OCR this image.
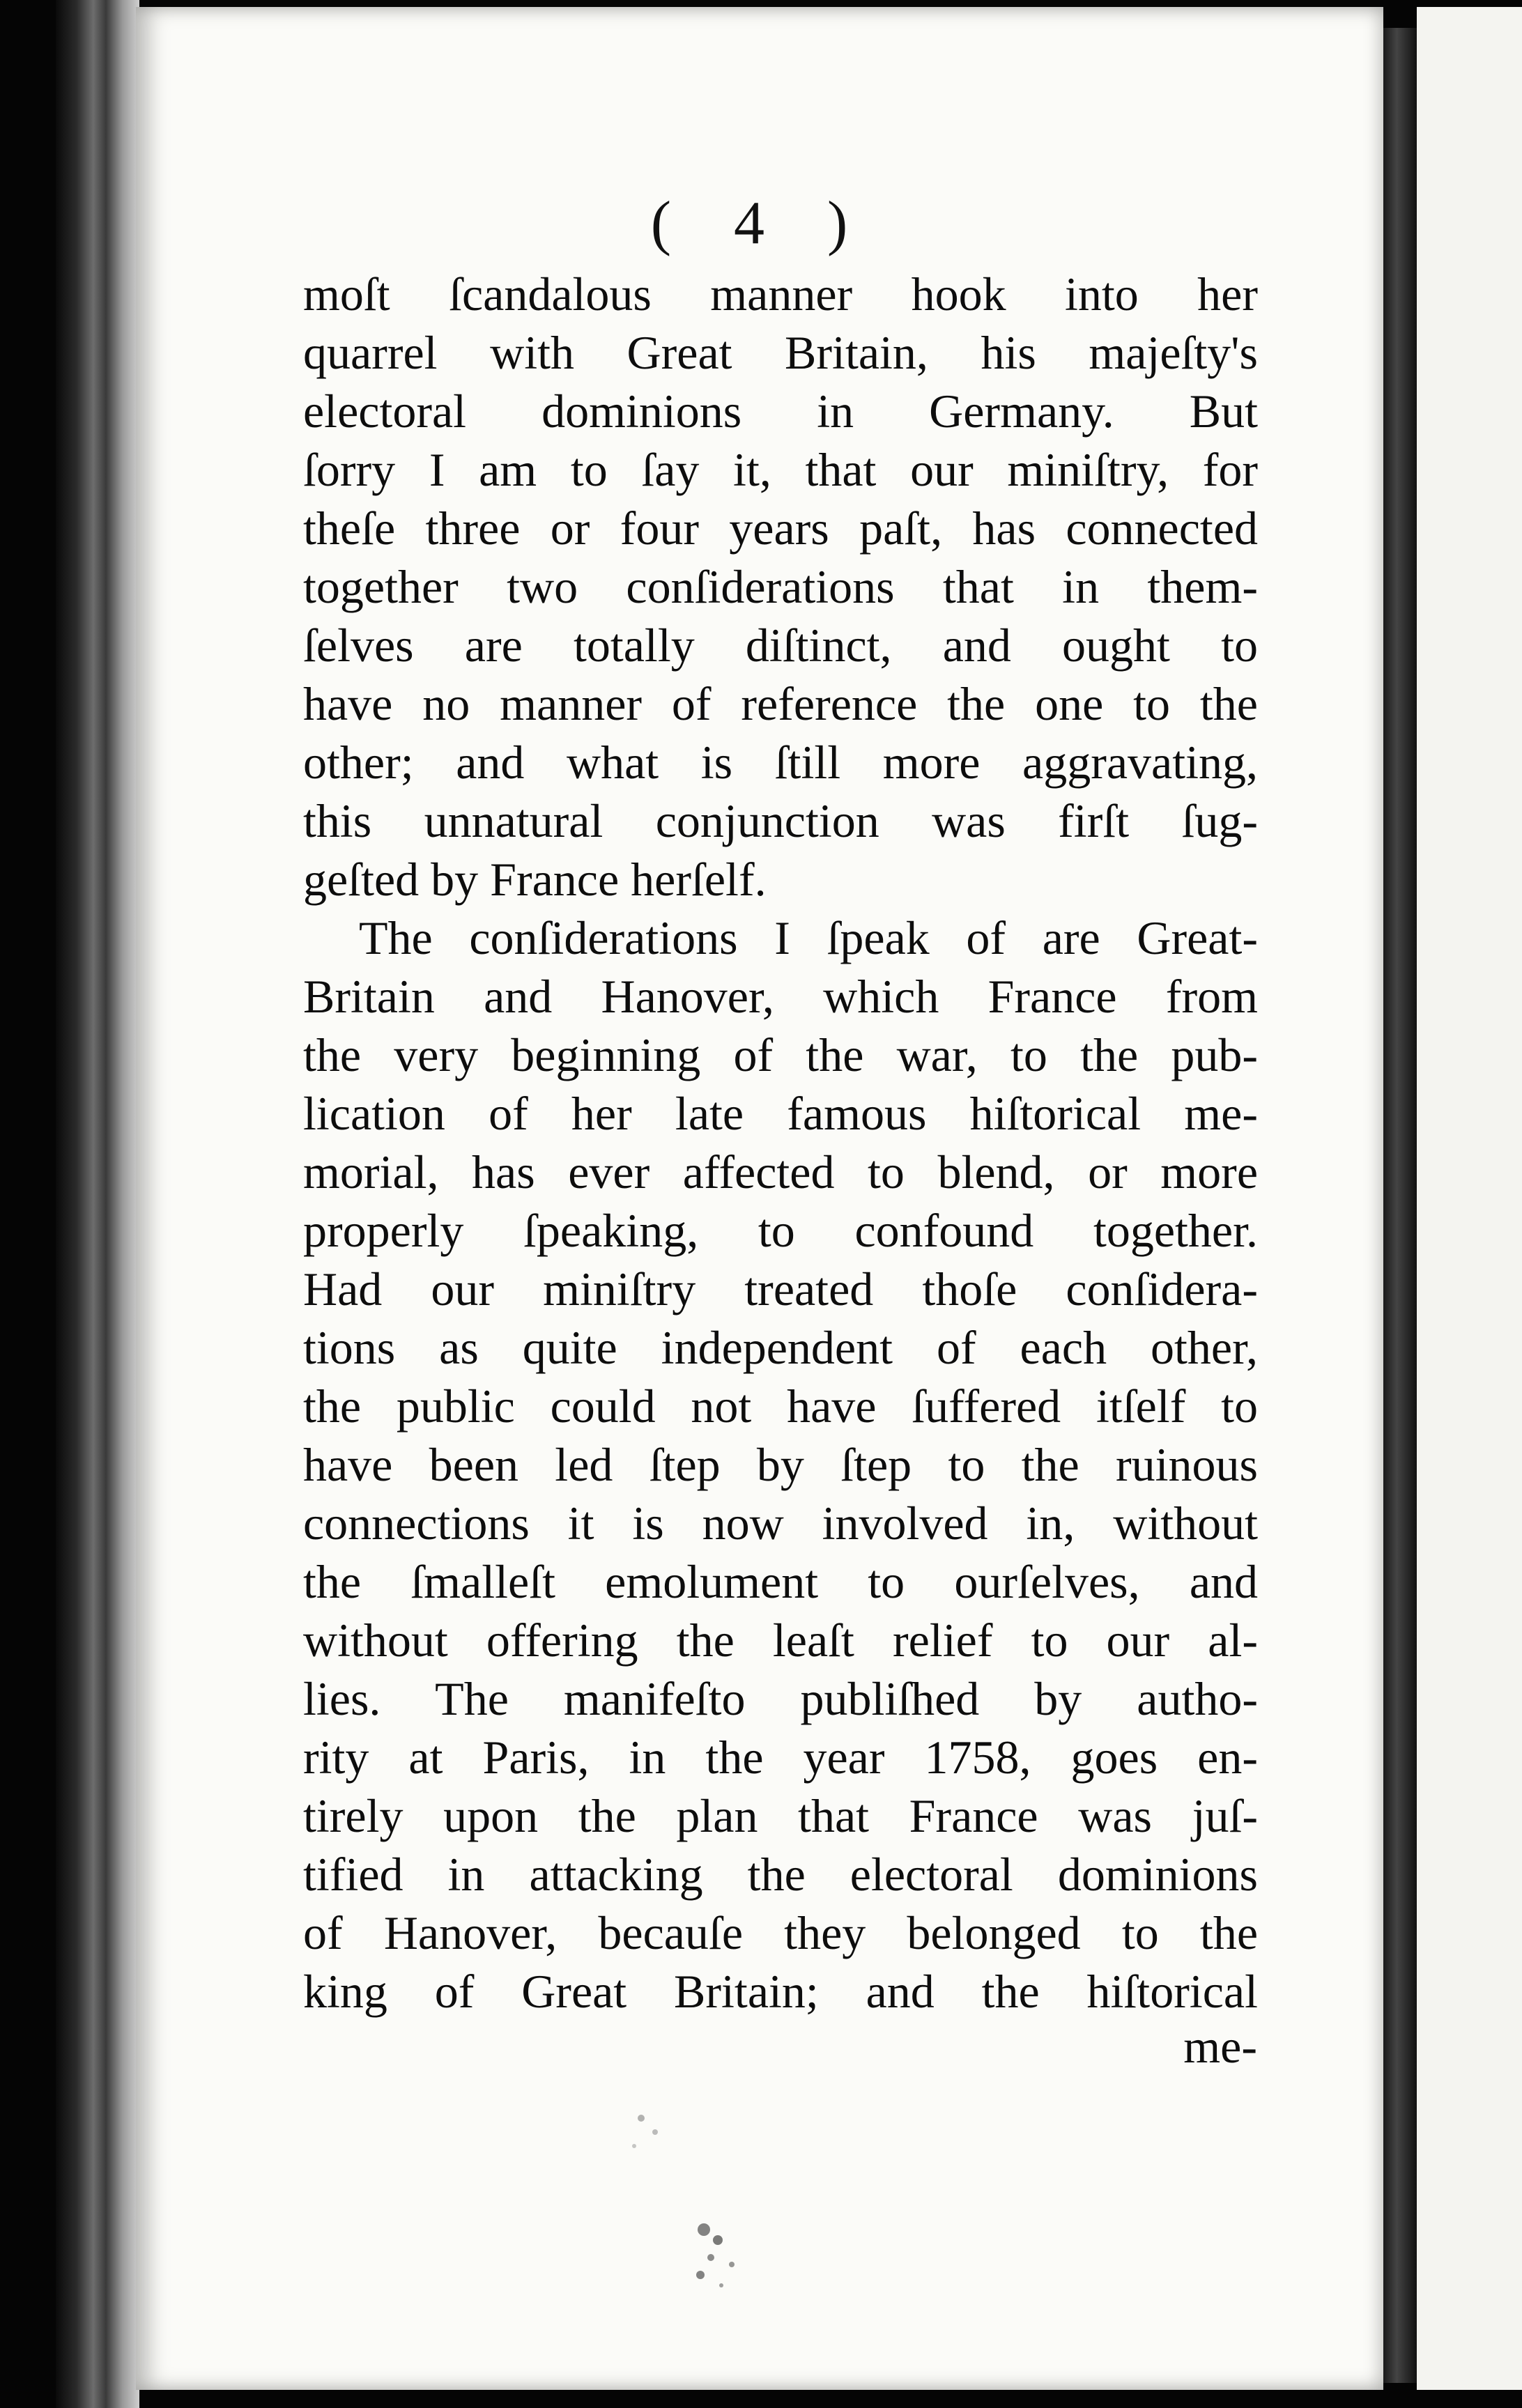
( 4 )
moſt ſcandalous manner hook into her
quarrel with Great Britain, his majeſty's
electoral dominions in Germany. But
ſorry I am to ſay it, that our miniſtry, for
theſe three or four years paſt, has connected
together two conſiderations that in them-
ſelves are totally diſtinct, and ought to
have no manner of reference the one to the
other; and what is ſtill more aggravating,
this unnatural conjunction was firſt ſug-
geſted by France herſelf.
The conſiderations I ſpeak of are Great-
Britain and Hanover, which France from
the very beginning of the war, to the pub-
lication of her late famous hiſtorical me-
morial, has ever affected to blend, or more
properly ſpeaking, to confound together.
Had our miniſtry treated thoſe conſidera-
tions as quite independent of each other,
the public could not have ſuffered itſelf to
have been led ſtep by ſtep to the ruinous
connections it is now involved in, without
the ſmalleſt emolument to ourſelves, and
without offering the leaſt relief to our al-
lies. The manifeſto publiſhed by autho-
rity at Paris, in the year 1758, goes en-
tirely upon the plan that France was juſ-
tified in attacking the electoral dominions
of Hanover, becauſe they belonged to the
king of Great Britain; and the hiſtorical
me-
